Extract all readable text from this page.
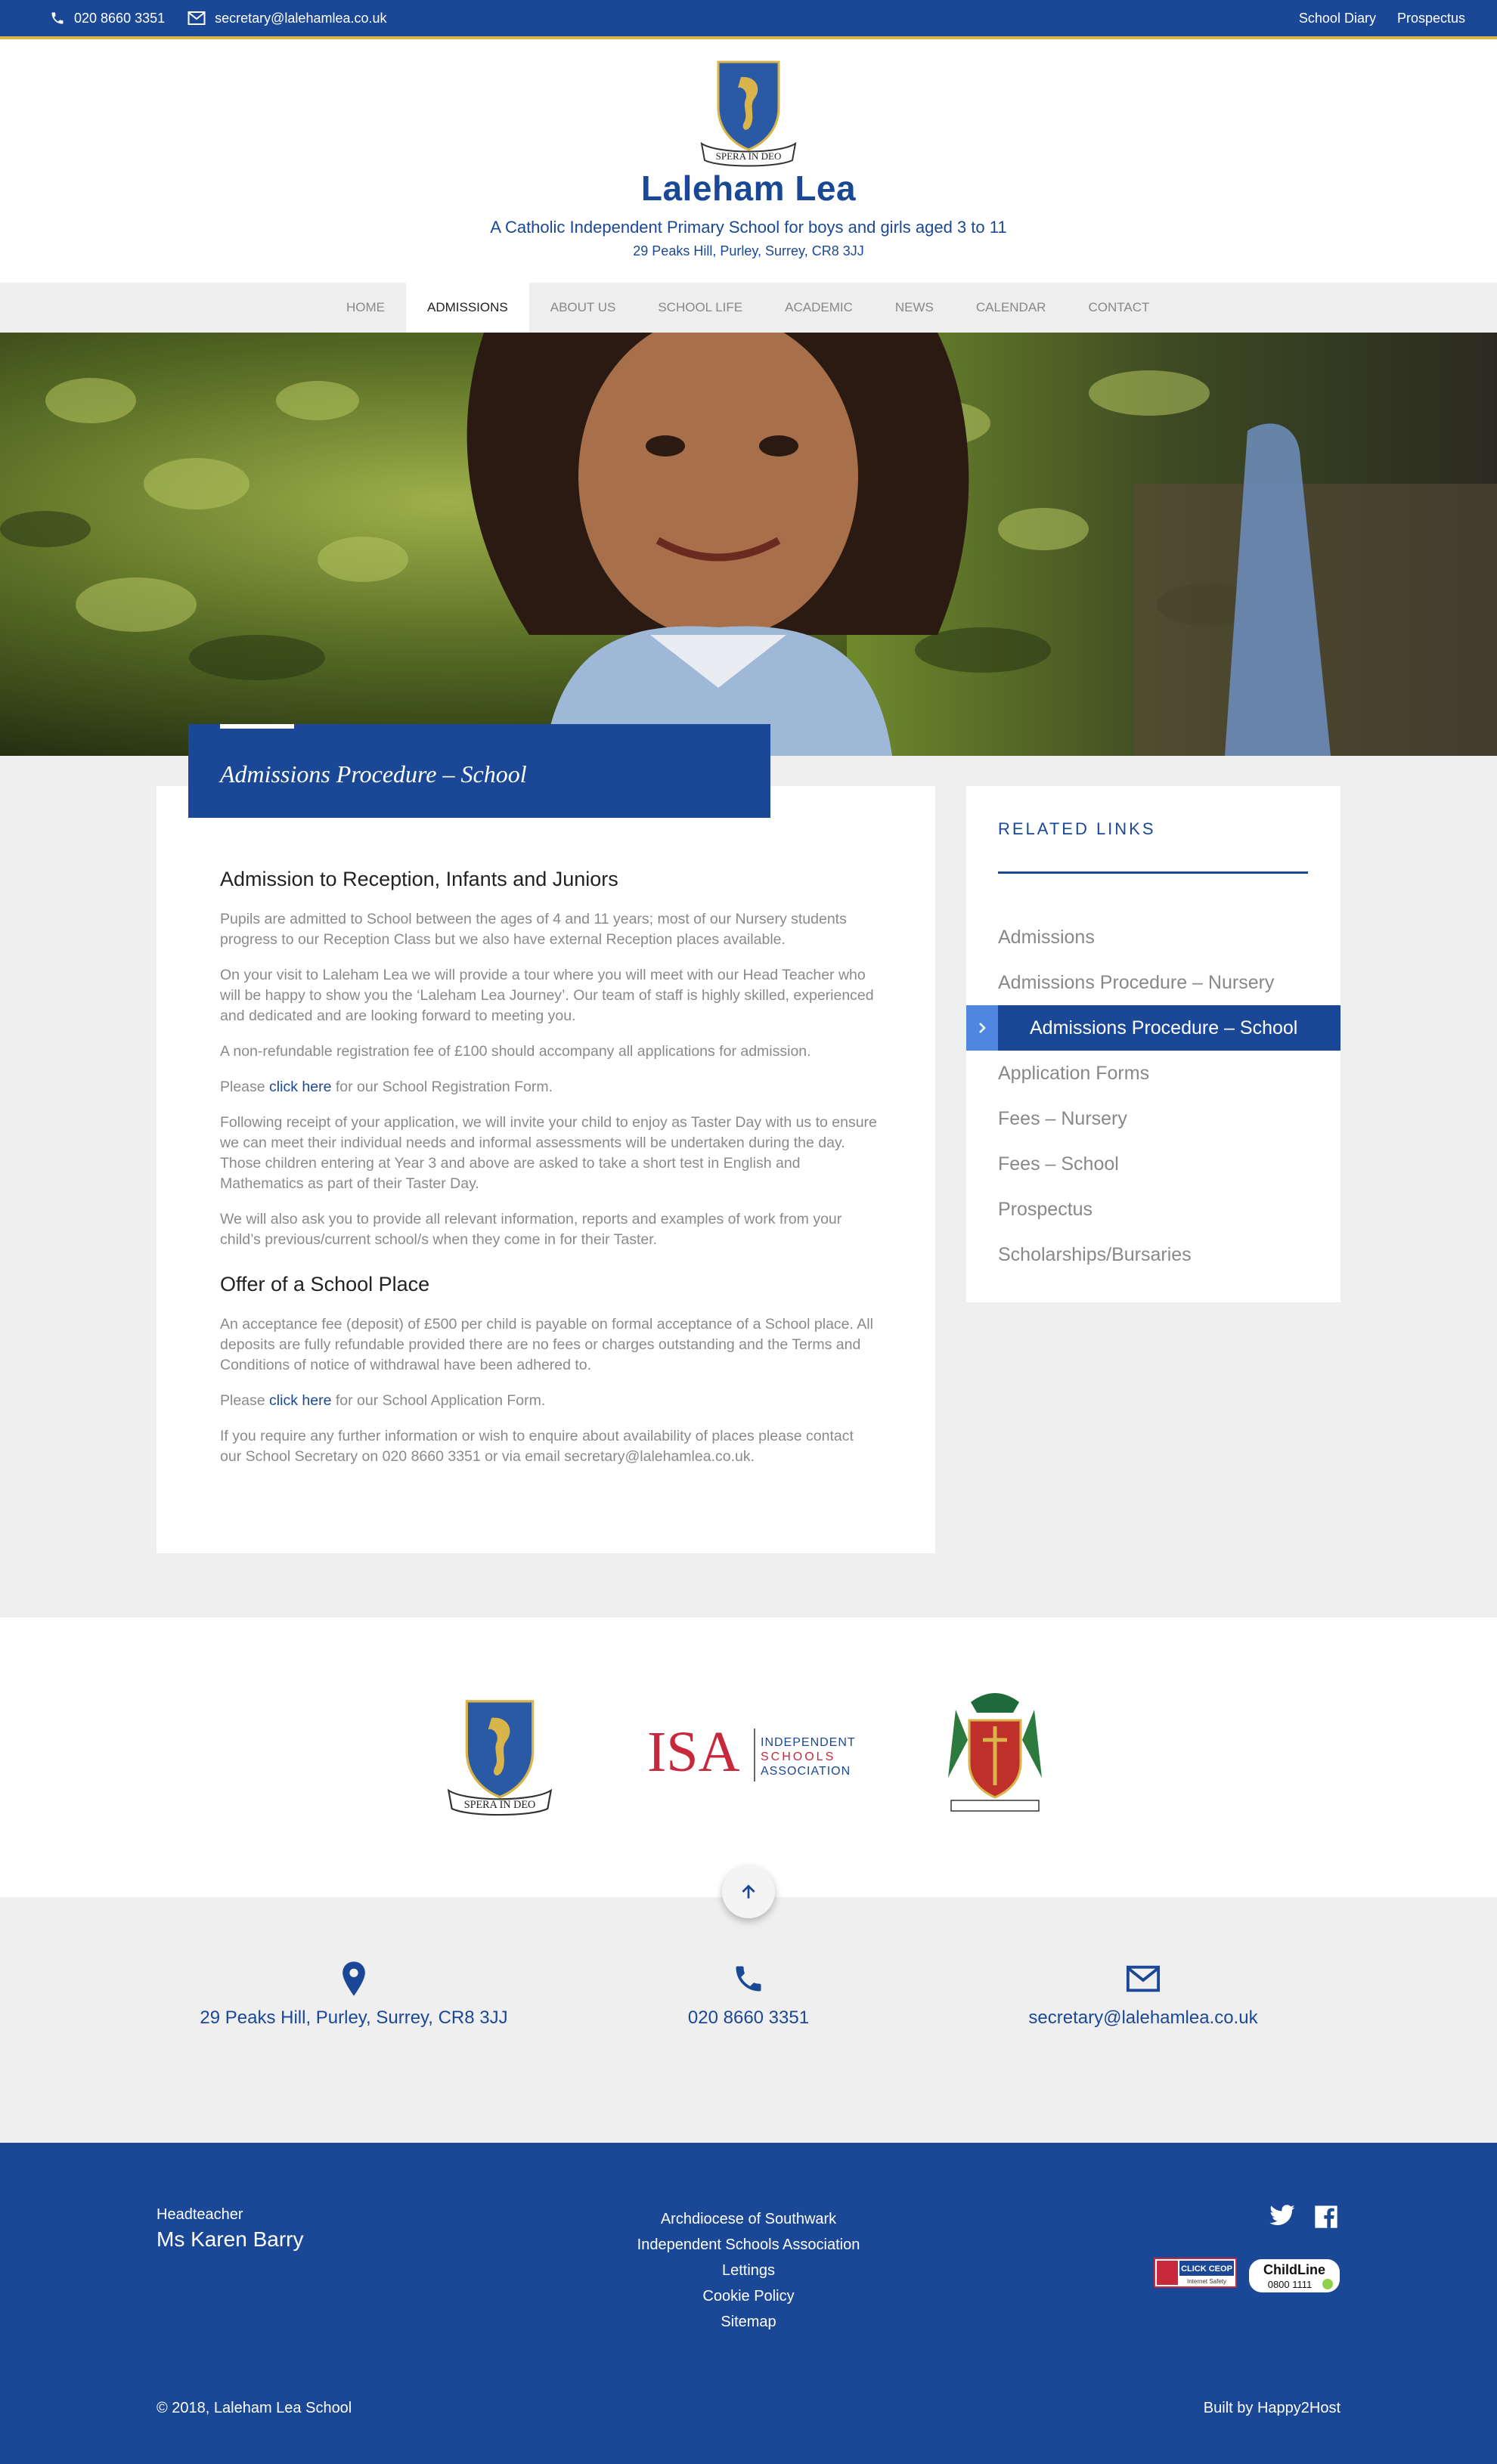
020 8660 3351	secretary@lalehamlea.co.uk	School Diary Prospectus
SPERA IN DEO
Laleham Lea
A Catholic Independent Primary School for boys and girls aged 3 to 11
29 Peaks Hill, Purley, Surrey, CR8 3JJ
HOME	ADMISSIONS	ABOUT US	SCHOOL LIFE	ACADEMIC	NEWS	CALENDAR	CONTACT
Admissions Procedure – School
Admission to Reception, Infants and Juniors

Pupils are admitted to School between the ages of 4 and 11 years; most of our Nursery students progress to our Reception Class but we also have external Reception places available.

On your visit to Laleham Lea we will provide a tour where you will meet with our Head Teacher who will be happy to show you the ‘Laleham Lea Journey’. Our team of staff is highly skilled, experienced and dedicated and are looking forward to meeting you.

A non-refundable registration fee of £100 should accompany all applications for admission.

Please click here for our School Registration Form.

Following receipt of your application, we will invite your child to enjoy as Taster Day with us to ensure we can meet their individual needs and informal assessments will be undertaken during the day. Those children entering at Year 3 and above are asked to take a short test in English and Mathematics as part of their Taster Day.

We will also ask you to provide all relevant information, reports and examples of work from your child’s previous/current school/s when they come in for their Taster.

Offer of a School Place

An acceptance fee (deposit) of £500 per child is payable on formal acceptance of a School place. All deposits are fully refundable provided there are no fees or charges outstanding and the Terms and Conditions of notice of withdrawal have been adhered to.

Please click here for our School Application Form.

If you require any further information or wish to enquire about availability of places please contact our School Secretary on 020 8660 3351 or via email secretary@lalehamlea.co.uk.

RELATED LINKS
Admissions
Admissions Procedure – Nursery
Admissions Procedure – School
Application Forms
Fees – Nursery
Fees – School
Prospectus
Scholarships/Bursaries
SPERA IN DEO
ISA INDEPENDENT
SCHOOLS
ASSOCIATION
29 Peaks Hill, Purley, Surrey, CR8 3JJ	020 8660 3351	secretary@lalehamlea.co.uk
Headteacher
Ms Karen Barry
Archdiocese of Southwark
Independent Schools Association
Lettings
Cookie Policy
Sitemap
CLICK CEOP
Internet Safety
ChildLine
0800 1111
© 2018, Laleham Lea School	Built by Happy2Host
